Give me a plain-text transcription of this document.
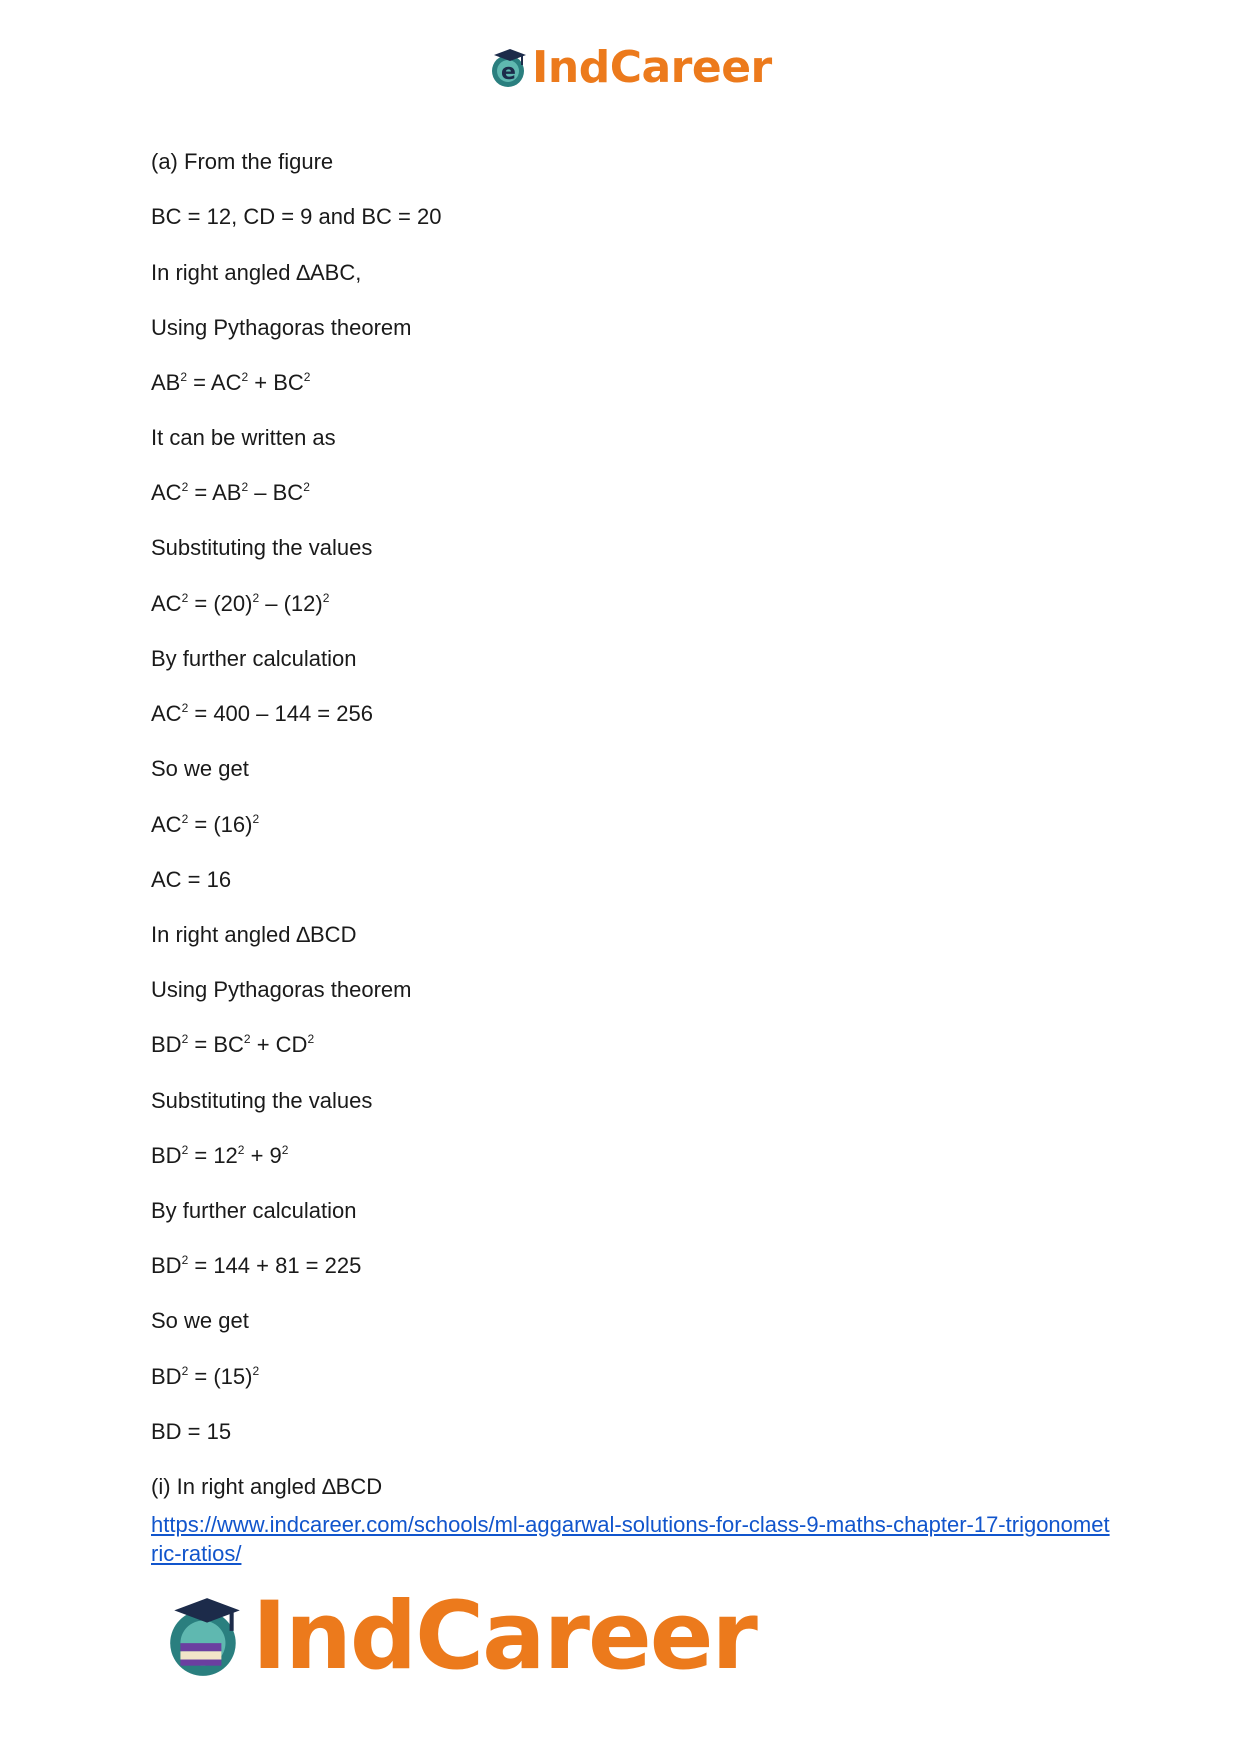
e IndCareer
(a) From the figure
BC = 12, CD = 9 and BC = 20
In right angled ∆ABC,
Using Pythagoras theorem
$AB^2 = AC^2 + BC^2$
It can be written as
$AC^2 = AB^2 - BC^2$
Substituting the values
$AC^2 = (20)^2 - (12)^2$
By further calculation
$AC^2 = 400 - 144 = 256$
So we get
$AC^2 = (16)^2$
AC = 16
In right angled ∆BCD
Using Pythagoras theorem
$BD^2 = BC^2 + CD^2$
Substituting the values
$BD^2 = 12^2 + 9^2$
By further calculation
$BD^2 = 144 + 81 = 225$
So we get
$BD^2 = (15)^2$
BD = 15
(i) In right angled ∆BCD
https://www.indcareer.com/schools/ml-aggarwal-solutions-for-class-9-maths-chapter-17-trigonometric-ratios/
IndCareer
